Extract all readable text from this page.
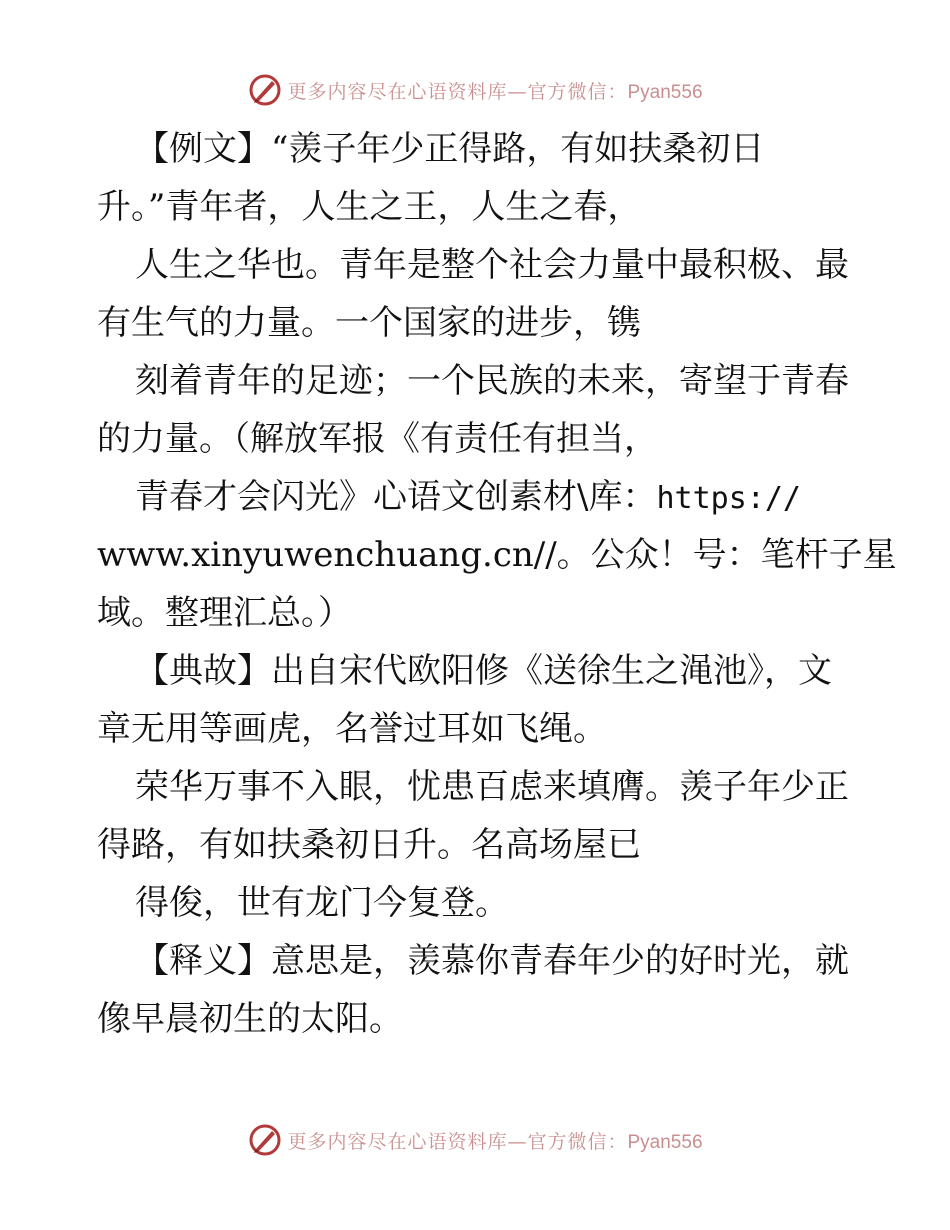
更多内容尽在心语资料库—官方微信：Pyan556
【例文】“羡子年少正得路，有如扶桑初日
升。”青年者，人生之王，人生之春，
人生之华也。青年是整个社会力量中最积极、最
有生气的力量。一个国家的进步，镌
刻着青年的足迹；一个民族的未来，寄望于青春
的力量。（解放军报《有责任有担当，
青春才会闪光》心语文创素材\库：https://
www.xinyuwenchuang.cn//。公众！号：笔杆子星
域。整理汇总。）
【典故】出自宋代欧阳修《送徐生之渑池》，文
章无用等画虎，名誉过耳如飞绳。
荣华万事不入眼，忧患百虑来填膺。羡子年少正
得路，有如扶桑初日升。名高场屋已
得俊，世有龙门今复登。
【释义】意思是，羡慕你青春年少的好时光，就
像早晨初生的太阳。
更多内容尽在心语资料库—官方微信：Pyan556
